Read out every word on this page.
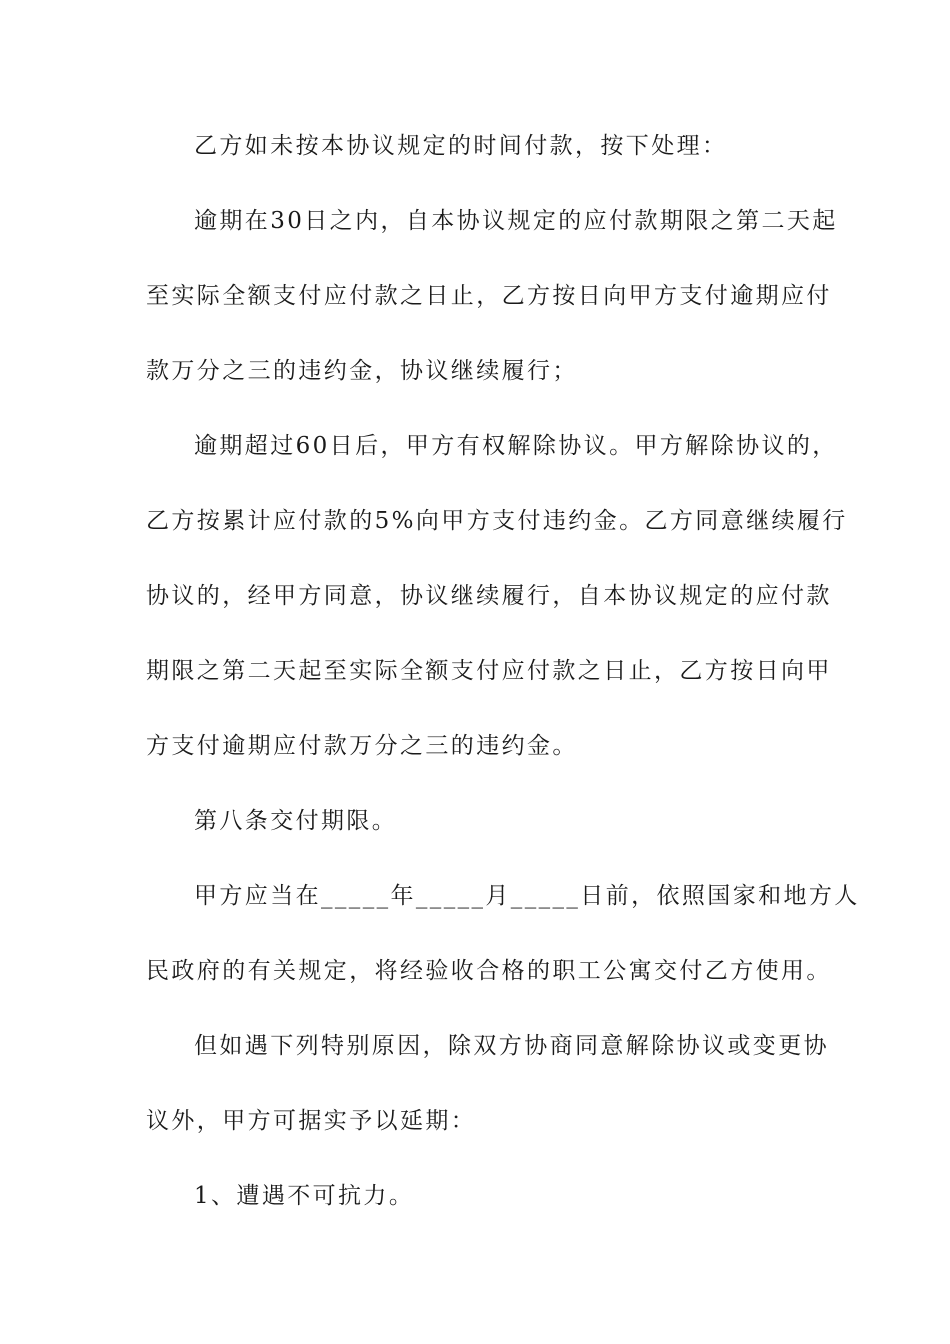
乙方如未按本协议规定的时间付款，按下处理：

逾期在30日之内，自本协议规定的应付款期限之第二天起
至实际全额支付应付款之日止，乙方按日向甲方支付逾期应付
款万分之三的违约金，协议继续履行；

逾期超过60日后，甲方有权解除协议。甲方解除协议的，
乙方按累计应付款的5%向甲方支付违约金。乙方同意继续履行
协议的，经甲方同意，协议继续履行，自本协议规定的应付款
期限之第二天起至实际全额支付应付款之日止，乙方按日向甲
方支付逾期应付款万分之三的违约金。

第八条交付期限。

甲方应当在_____年_____月_____日前，依照国家和地方人
民政府的有关规定，将经验收合格的职工公寓交付乙方使用。

但如遇下列特别原因，除双方协商同意解除协议或变更协
议外，甲方可据实予以延期：

1、遭遇不可抗力。
